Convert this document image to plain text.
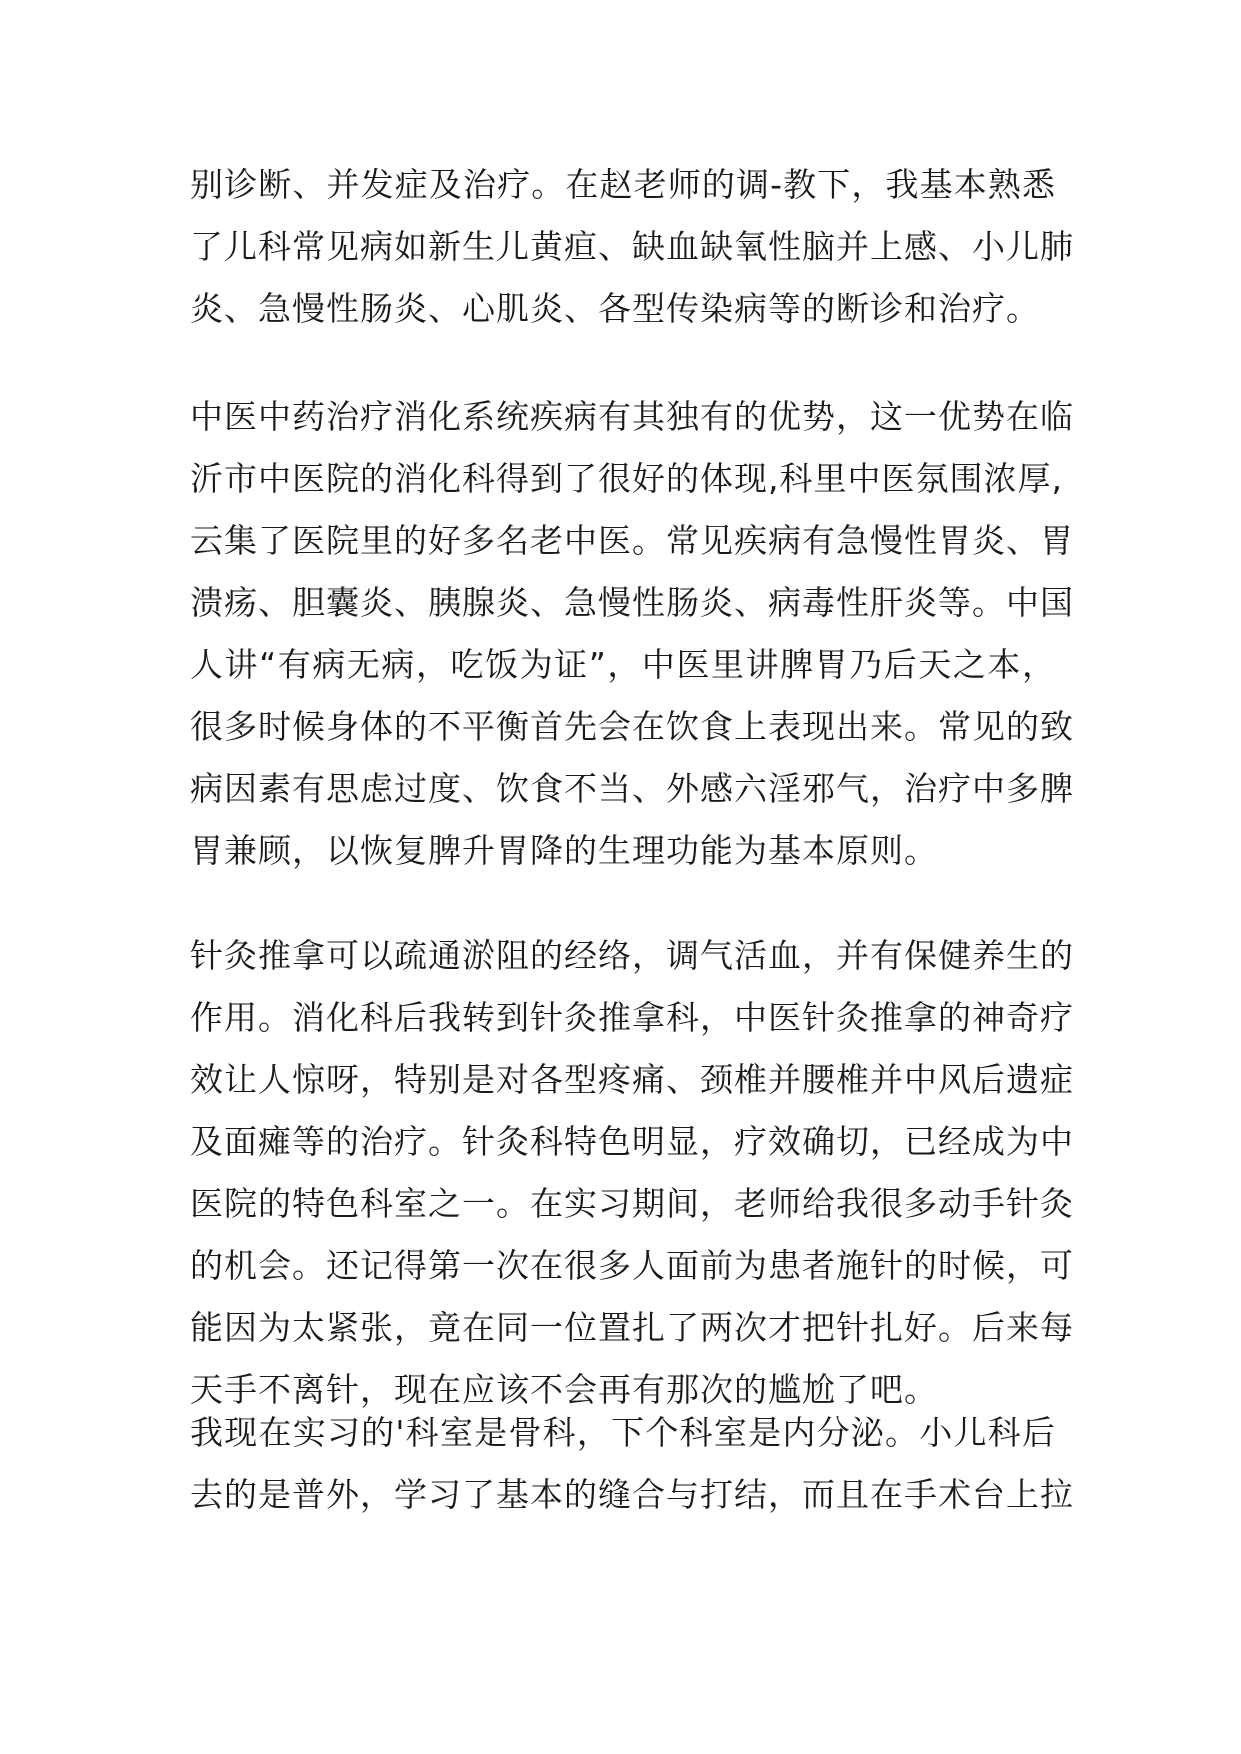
别诊断、并发症及治疗。在赵老师的调-教下，我基本熟悉
了儿科常见病如新生儿黄疸、缺血缺氧性脑并上感、小儿肺
炎、急慢性肠炎、心肌炎、各型传染病等的断诊和治疗。
中医中药治疗消化系统疾病有其独有的优势，这一优势在临
沂市中医院的消化科得到了很好的体现,科里中医氛围浓厚,
云集了医院里的好多名老中医。常见疾病有急慢性胃炎、胃
溃疡、胆囊炎、胰腺炎、急慢性肠炎、病毒性肝炎等。中国
人讲“有病无病，吃饭为证”，中医里讲脾胃乃后天之本，
很多时候身体的不平衡首先会在饮食上表现出来。常见的致
病因素有思虑过度、饮食不当、外感六淫邪气，治疗中多脾
胃兼顾，以恢复脾升胃降的生理功能为基本原则。
针灸推拿可以疏通淤阻的经络，调气活血，并有保健养生的
作用。消化科后我转到针灸推拿科，中医针灸推拿的神奇疗
效让人惊呀，特别是对各型疼痛、颈椎并腰椎并中风后遗症
及面瘫等的治疗。针灸科特色明显，疗效确切，已经成为中
医院的特色科室之一。在实习期间，老师给我很多动手针灸
的机会。还记得第一次在很多人面前为患者施针的时候，可
能因为太紧张，竟在同一位置扎了两次才把针扎好。后来每
天手不离针，现在应该不会再有那次的尴尬了吧。
我现在实习的'科室是骨科，下个科室是内分泌。小儿科后
去的是普外，学习了基本的缝合与打结，而且在手术台上拉
